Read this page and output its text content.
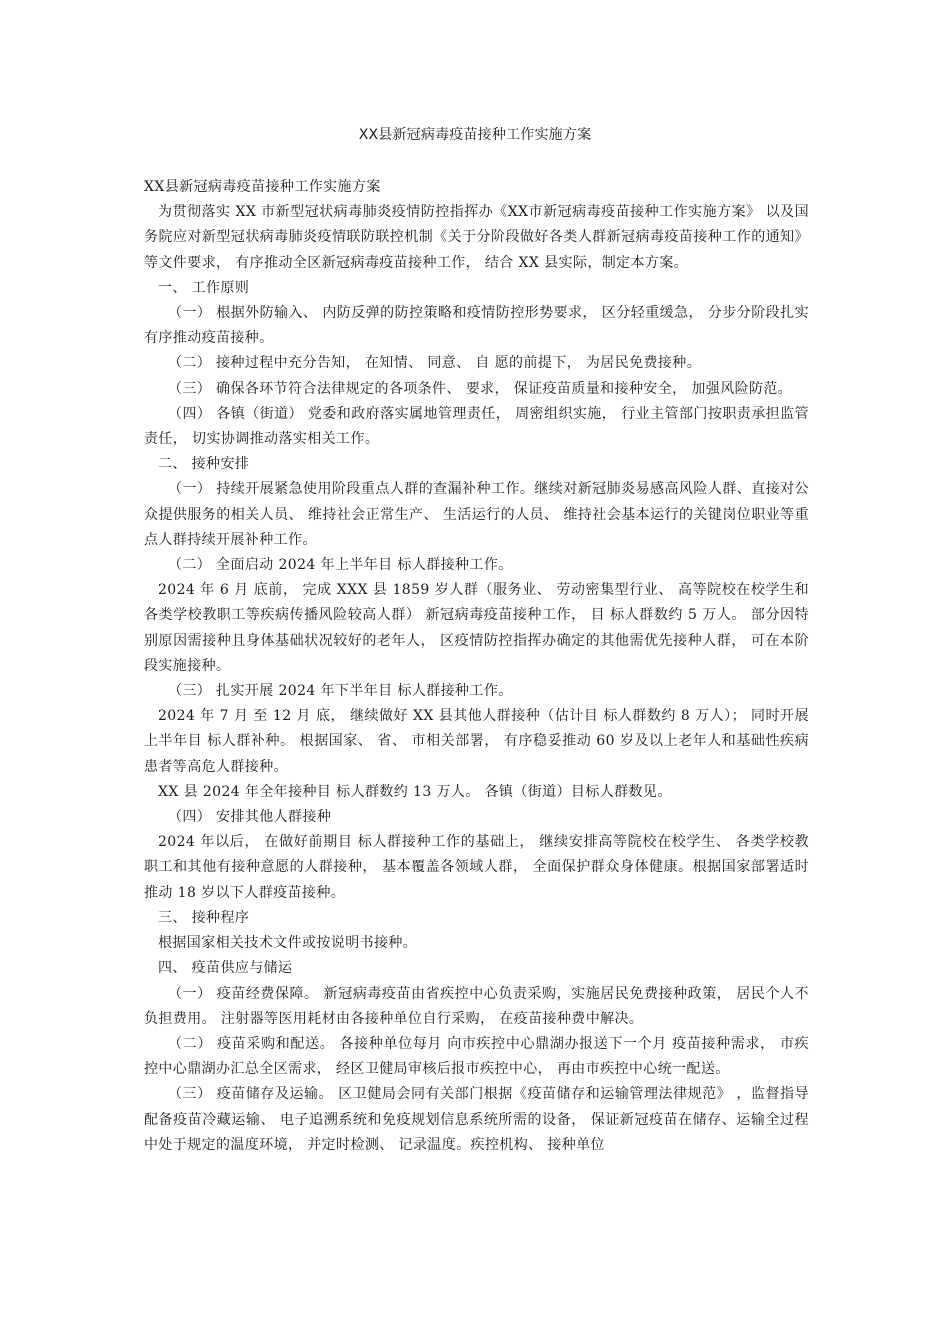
XX县新冠病毒疫苗接种工作实施方案

XX县新冠病毒疫苗接种工作实施方案

为贯彻落实 XX 市新型冠状病毒肺炎疫情防控指挥办《XX市新冠病毒疫苗接种工作实施方案》 以及国务院应对新型冠状病毒肺炎疫情联防联控机制《关于分阶段做好各类人群新冠病毒疫苗接种工作的通知》 等文件要求， 有序推动全区新冠病毒疫苗接种工作， 结合 XX 县实际，制定本方案。

一、 工作原则

（一） 根据外防输入、 内防反弹的防控策略和疫情防控形势要求， 区分轻重缓急， 分步分阶段扎实有序推动疫苗接种。

（二） 接种过程中充分告知， 在知情、 同意、 自 愿的前提下， 为居民免费接种。

（三） 确保各环节符合法律规定的各项条件、 要求， 保证疫苗质量和接种安全， 加强风险防范。

（四） 各镇（街道） 党委和政府落实属地管理责任， 周密组织实施， 行业主管部门按职责承担监管责任， 切实协调推动落实相关工作。

二、 接种安排

（一） 持续开展紧急使用阶段重点人群的查漏补种工作。继续对新冠肺炎易感高风险人群、直接对公众提供服务的相关人员、 维持社会正常生产、 生活运行的人员、 维持社会基本运行的关键岗位职业等重点人群持续开展补种工作。

（二） 全面启动 2024 年上半年目 标人群接种工作。

2024 年 6 月 底前， 完成 XXX 县 1859 岁人群（服务业、 劳动密集型行业、 高等院校在校学生和各类学校教职工等疾病传播风险较高人群） 新冠病毒疫苗接种工作， 目 标人群数约 5 万人。 部分因特别原因需接种且身体基础状况较好的老年人， 区疫情防控指挥办确定的其他需优先接种人群， 可在本阶段实施接种。

（三） 扎实开展 2024 年下半年目 标人群接种工作。

2024 年 7 月 至 12 月 底， 继续做好 XX 县其他人群接种（估计目 标人群数约 8 万人）； 同时开展上半年目 标人群补种。 根据国家、 省、 市相关部署， 有序稳妥推动 60 岁及以上老年人和基础性疾病患者等高危人群接种。

XX 县 2024 年全年接种目 标人群数约 13 万人。 各镇（街道）目标人群数见。

（四） 安排其他人群接种

2024 年以后， 在做好前期目 标人群接种工作的基础上， 继续安排高等院校在校学生、 各类学校教职工和其他有接种意愿的人群接种， 基本覆盖各领域人群， 全面保护群众身体健康。根据国家部署适时推动 18 岁以下人群疫苗接种。

三、 接种程序

根据国家相关技术文件或按说明书接种。

四、 疫苗供应与储运

（一） 疫苗经费保障。 新冠病毒疫苗由省疾控中心负责采购，实施居民免费接种政策， 居民个人不负担费用。 注射器等医用耗材由各接种单位自行采购， 在疫苗接种费中解决。

（二） 疫苗采购和配送。 各接种单位每月 向市疾控中心鼎湖办报送下一个月 疫苗接种需求， 市疾控中心鼎湖办汇总全区需求， 经区卫健局审核后报市疾控中心， 再由市疾控中心统一配送。

（三） 疫苗储存及运输。 区卫健局会同有关部门根据《疫苗储存和运输管理法律规范》 ，监督指导配备疫苗冷藏运输、 电子追溯系统和免疫规划信息系统所需的设备， 保证新冠疫苗在储存、运输全过程中处于规定的温度环境， 并定时检测、 记录温度。疾控机构、 接种单位
